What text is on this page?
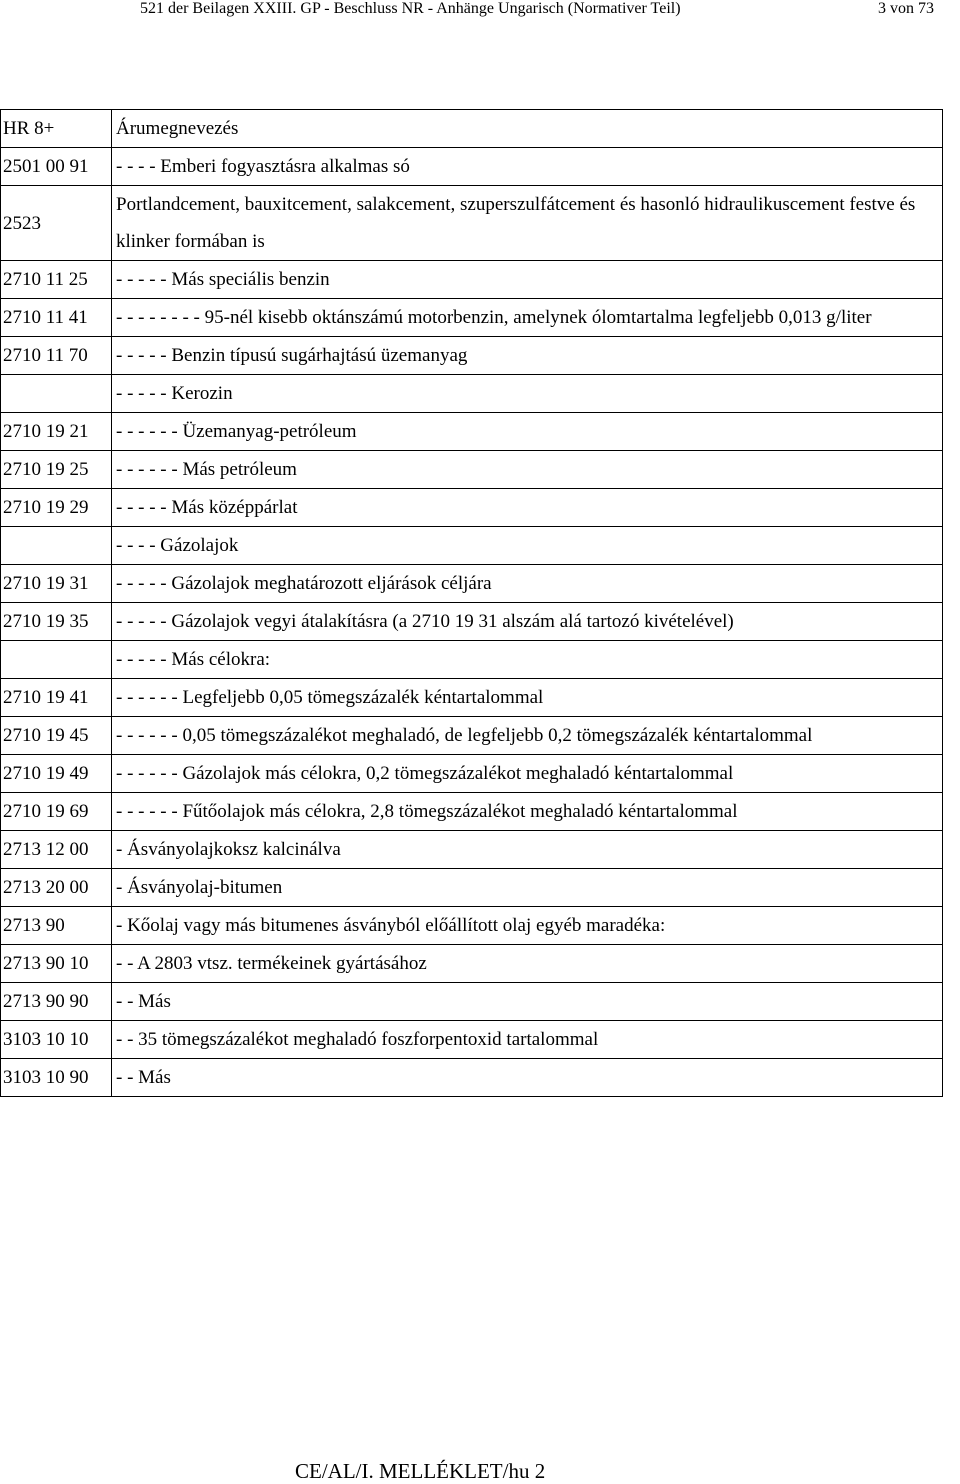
521 der Beilagen XXIII. GP - Beschluss NR - Anhänge Ungarisch (Normativer Teil)	3 von 73
HR 8+	Árumegnevezés
2501 00 91	- - - - Emberi fogyasztásra alkalmas só
2523	Portlandcement, bauxitcement, salakcement, szuperszulfátcement és hasonló hidraulikuscement festve és klinker formában is
2710 11 25	- - - - - Más speciális benzin
2710 11 41	- - - - - - - - 95-nél kisebb oktánszámú motorbenzin, amelynek ólomtartalma legfeljebb 0,013 g/liter
2710 11 70	- - - - - Benzin típusú sugárhajtású üzemanyag
	- - - - - Kerozin
2710 19 21	- - - - - - Üzemanyag-petróleum
2710 19 25	- - - - - - Más petróleum
2710 19 29	- - - - - Más középpárlat
	- - - - Gázolajok
2710 19 31	- - - - - Gázolajok meghatározott eljárások céljára
2710 19 35	- - - - - Gázolajok vegyi átalakításra (a 2710 19 31 alszám alá tartozó kivételével)
	- - - - - Más célokra:
2710 19 41	- - - - - - Legfeljebb 0,05 tömegszázalék kéntartalommal
2710 19 45	- - - - - - 0,05 tömegszázalékot meghaladó, de legfeljebb 0,2 tömegszázalék kéntartalommal
2710 19 49	- - - - - - Gázolajok más célokra, 0,2 tömegszázalékot meghaladó kéntartalommal
2710 19 69	- - - - - - Fűtőolajok más célokra, 2,8 tömegszázalékot meghaladó kéntartalommal
2713 12 00	- Ásványolajkoksz kalcinálva
2713 20 00	- Ásványolaj-bitumen
2713 90	- Kőolaj vagy más bitumenes ásványból előállított olaj egyéb maradéka:
2713 90 10	- - A 2803 vtsz. termékeinek gyártásához
2713 90 90	- - Más
3103 10 10	- - 35 tömegszázalékot meghaladó foszforpentoxid tartalommal
3103 10 90	- - Más
CE/AL/I. MELLÉKLET/hu 2
